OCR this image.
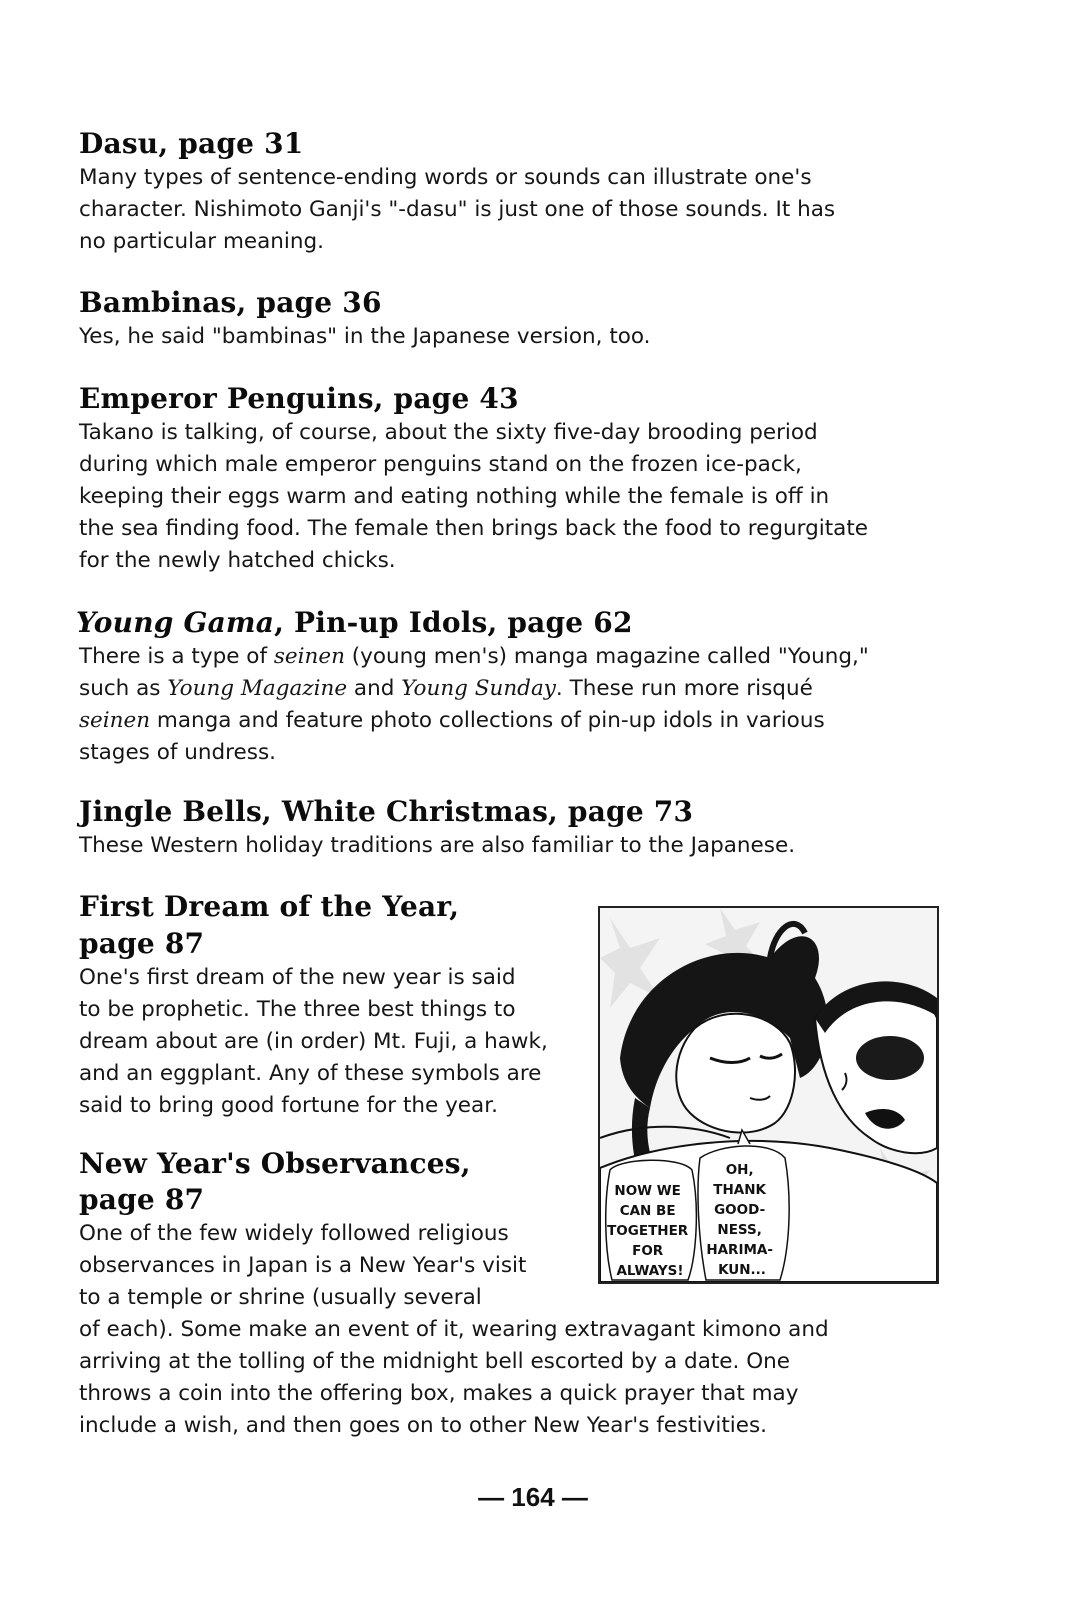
Dasu, page 31

Many types of sentence-ending words or sounds can illustrate one's
character. Nishimoto Ganji's "-dasu" is just one of those sounds. It has
no particular meaning.

Bambinas, page 36

Yes, he said "bambinas" in the Japanese version, too.

Emperor Penguins, page 43

Takano is talking, of course, about the sixty five-day brooding period
during which male emperor penguins stand on the frozen ice-pack,
keeping their eggs warm and eating nothing while the female is off in
the sea finding food. The female then brings back the food to regurgitate
for the newly hatched chicks.

Young Gama, Pin-up Idols, page 62

There is a type of seinen (young men's) manga magazine called "Young,"
such as Young Magazine and Young Sunday. These run more risqué
seinen manga and feature photo collections of pin-up idols in various
stages of undress.

Jingle Bells, White Christmas, page 73

These Western holiday traditions are also familiar to the Japanese.

First Dream of the Year,
page 87

One's first dream of the new year is said
to be prophetic. The three best things to
dream about are (in order) Mt. Fuji, a hawk,
and an eggplant. Any of these symbols are
said to bring good fortune for the year.

New Year's Observances,
page 87

One of the few widely followed religious
observances in Japan is a New Year's visit
to a temple or shrine (usually several
of each). Some make an event of it, wearing extravagant kimono and
arriving at the tolling of the midnight bell escorted by a date. One
throws a coin into the offering box, makes a quick prayer that may
include a wish, and then goes on to other New Year's festivities.

NOW WE CAN BE TOGETHER FOR ALWAYS!
OH, THANK GOOD- NESS, HARIMA- KUN...
— 164 —
